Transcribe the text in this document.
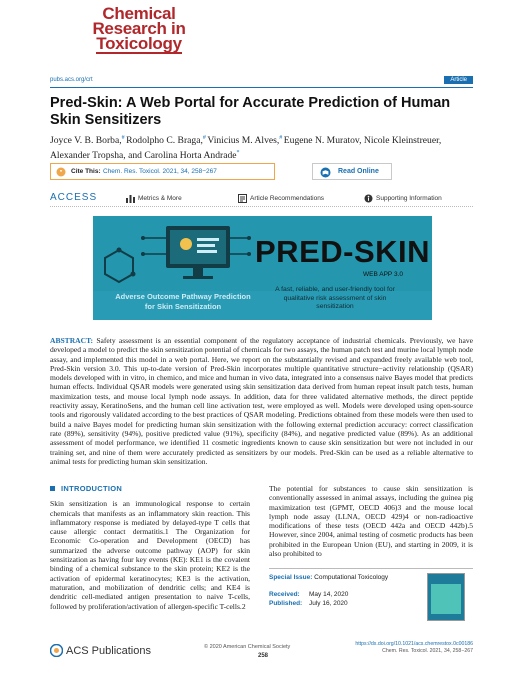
Chemical
Research in
Toxicology
pubs.acs.org/crt	Article
Pred-Skin: A Web Portal for Accurate Prediction of Human Skin Sensitizers
Joyce V. B. Borba,# Rodolpho C. Braga,# Vinicius M. Alves,# Eugene N. Muratov, Nicole Kleinstreuer, Alexander Tropsha, and Carolina Horta Andrade*
" Cite This: Chem. Res. Toxicol. 2021, 34, 258−267	Read Online
ACCESS	Metrics & More	Article Recommendations	Supporting Information
PRED-SKIN
WEB APP 3.0
Adverse Outcome Pathway Prediction for Skin Sensitization
A fast, reliable, and user-friendly tool for qualitative risk assessment of skin sensitization
ABSTRACT: Safety assessment is an essential component of the regulatory acceptance of industrial chemicals. Previously, we have developed a model to predict the skin sensitization potential of chemicals for two assays, the human patch test and murine local lymph node assay, and implemented this model in a web portal. Here, we report on the substantially revised and expanded freely available web tool, Pred-Skin version 3.0. This up-to-date version of Pred-Skin incorporates multiple quantitative structure−activity relationship (QSAR) models developed with in vitro, in chemico, and mice and human in vivo data, integrated into a consensus naive Bayes model that predicts human effects. Individual QSAR models were generated using skin sensitization data derived from human repeat insult patch tests, human maximization tests, and mouse local lymph node assays. In addition, data for three validated alternative methods, the direct peptide reactivity assay, KeratinoSens, and the human cell line activation test, were employed as well. Models were developed using open-source tools and rigorously validated according to the best practices of QSAR modeling. Predictions obtained from these models were then used to build a naive Bayes model for predicting human skin sensitization with the following external prediction accuracy: correct classification rate (89%), sensitivity (94%), positive predicted value (91%), specificity (84%), and negative predicted value (89%). As an additional assessment of model performance, we identified 11 cosmetic ingredients known to cause skin sensitization but were not included in our training set, and nine of them were accurately predicted as sensitizers by our models. Pred-Skin can be used as a reliable alternative to animal tests for predicting human skin sensitization.
INTRODUCTION

Skin sensitization is an immunological response to certain chemicals that manifests as an inflammatory skin reaction. This inflammatory response is mediated by delayed-type T cells that cause allergic contact dermatitis.1 The Organization for Economic Co-operation and Development (OECD) has summarized the adverse outcome pathway (AOP) for skin sensitization as having four key events (KE): KE1 is the covalent binding of a chemical substance to the skin protein; KE2 is the activation of epidermal keratinocytes; KE3 is the activation, maturation, and mobilization of dendritic cells; and KE4 is dendritic cell-mediated antigen presentation to naive T-cells, followed by proliferation/activation of allergen-specific T-cells.2

The potential for substances to cause skin sensitization is conventionally assessed in animal assays, including the guinea pig maximization test (GPMT, OECD 406)3 and the mouse local lymph node assay (LLNA, OECD 429)4 or non-radioactive modifications of these tests (OECD 442a and OECD 442b).5 However, since 2004, animal testing of cosmetic products has been prohibited in the European Union (EU), and starting in 2009, it is also prohibited to

Special Issue: Computational Toxicology
Received: May 14, 2020
Published: July 16, 2020
ACS Publications	© 2020 American Chemical Society
258
https://dx.doi.org/10.1021/acs.chemrestox.0c00186
Chem. Res. Toxicol. 2021, 34, 258−267
